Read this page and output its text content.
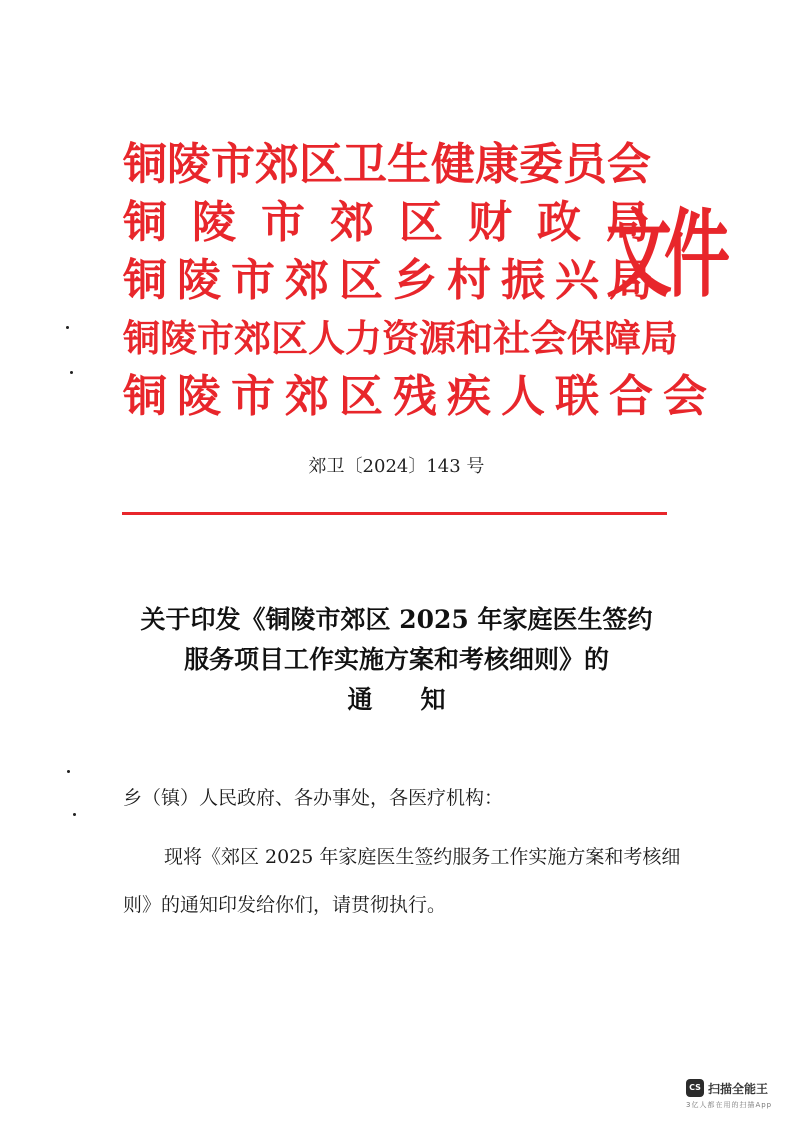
铜陵市郊区卫生健康委员会
铜陵市郊区财政局
铜陵市郊区乡村振兴局
铜陵市郊区人力资源和社会保障局
铜陵市郊区残疾人联合会
文件
郊卫〔2024〕143 号
关于印发《铜陵市郊区 2025 年家庭医生签约
服务项目工作实施方案和考核细则》的
通知
乡（镇）人民政府、各办事处，各医疗机构：
现将《郊区 2025 年家庭医生签约服务工作实施方案和考核细则》的通知印发给你们，请贯彻执行。
CS 扫描全能王
3亿人都在用的扫描App
